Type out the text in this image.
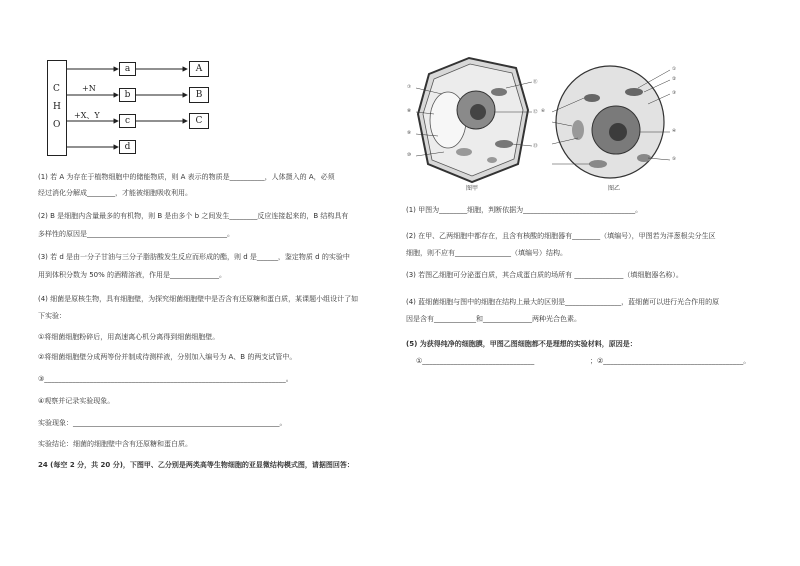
C
H
O
+N
+X、Y
a
b
c
d
A
B
C
(1) 若 A 为存在于植物细胞中的储能物质，则 A 表示的物质是__________，人体摄入的 A，必须
经过消化分解成________，才能被细胞吸收利用。
(2) B 是细胞内含量最多的有机物，则 B 是由多个 b 之间发生________反应连接起来的，B 结构具有
多样性的原因是________________________________________。
(3) 若 d 是由一分子甘油与三分子脂肪酸发生反应而形成的酯，则 d 是______，鉴定物质 d 的实验中
用到体积分数为 50% 的酒精溶液，作用是______________。
(4) 细菌是原核生物，具有细胞壁，为探究细菌细胞壁中是否含有还原糖和蛋白质，某课题小组设计了如
下实验：
①将细菌细胞粉碎后，用高速离心机分离得到细菌细胞壁。
②将细菌细胞壁分成两等份并制成待测样液，分别加入编号为 A、B 的两支试管中。
③_____________________________________________________________________。
④观察并记录实验现象。
实验现象：___________________________________________________________。
实验结论：细菌的细胞壁中含有还原糖和蛋白质。
24 (每空 2 分，共 20 分)，下图甲、乙分别是两类高等生物细胞的亚显微结构模式图，请据图回答：
⑦
⑧
⑨
⑩
⑪
⑫
⑬
图甲
①
②
③
④
⑤
⑥
图乙
(1) 甲图为________细胞，判断依据为________________________________。
(2) 在甲、乙两细胞中都存在，且含有核酸的细胞器有________（填编号），甲图若为洋葱根尖分生区
细胞，则不应有________________（填编号）结构。
(3) 若图乙细胞可分泌蛋白质，其合成蛋白质的场所有 ______________（填细胞器名称）。
(4) 蓝细菌细胞与图中的细胞在结构上最大的区别是________________，蓝细菌可以进行光合作用的原
因是含有____________和______________两种光合色素。
(5) 为获得纯净的细胞膜，甲图乙图细胞都不是理想的实验材料，原因是：
①________________________________	；②________________________________________。
